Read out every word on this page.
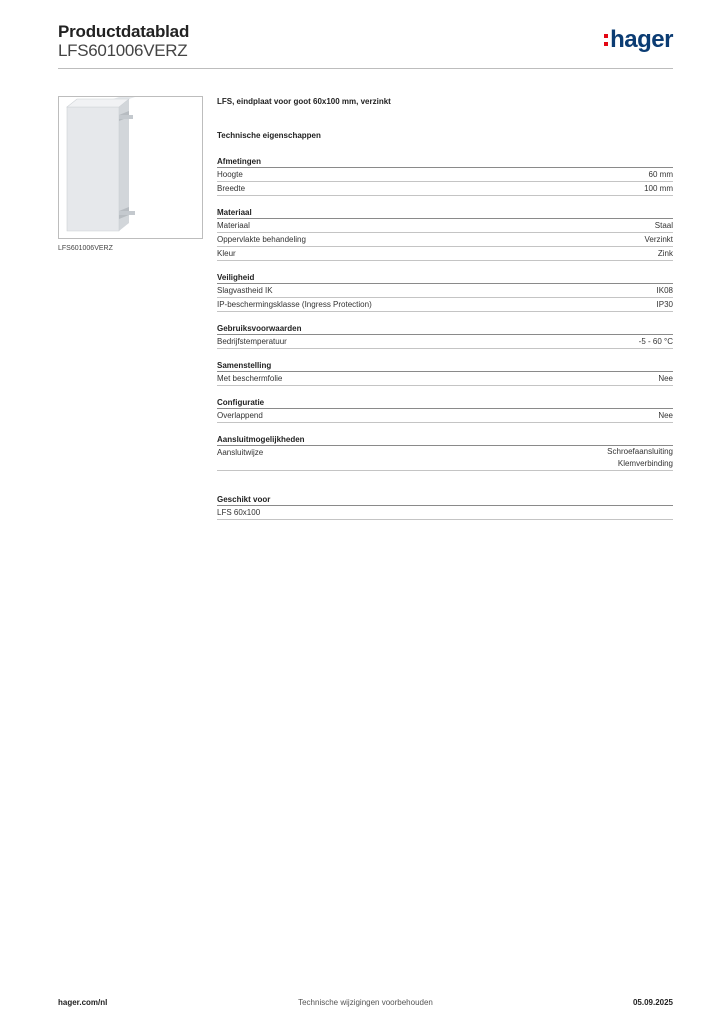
Productdatablad
LFS601006VERZ	hager
LFS601006VERZ
LFS, eindplaat voor goot 60x100 mm, verzinkt
Technische eigenschappen
Afmetingen
Hoogte	60 mm
Breedte	100 mm
Materiaal
Materiaal	Staal
Oppervlakte behandeling	Verzinkt
Kleur	Zink
Veiligheid
Slagvastheid IK	IK08
IP-beschermingsklasse (Ingress Protection)	IP30
Gebruiksvoorwaarden
Bedrijfstemperatuur	-5 - 60 °C
Samenstelling
Met beschermfolie	Nee
Configuratie
Overlappend	Nee
Aansluitmogelijkheden
Aansluitwijze	Schroefaansluiting
Klemverbinding
Geschikt voor
LFS 60x100
hager.com/nl	Technische wijzigingen voorbehouden	05.09.2025
